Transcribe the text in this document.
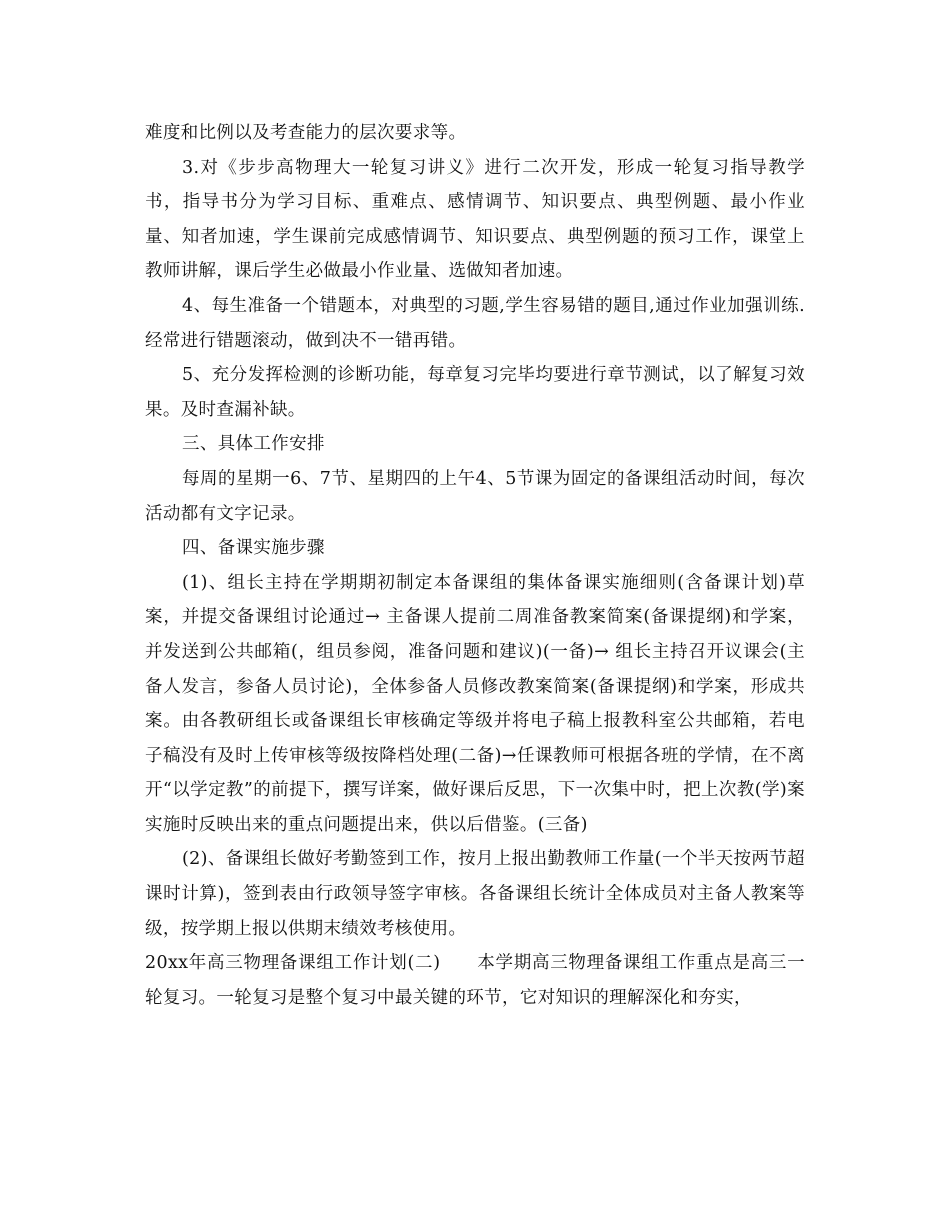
难度和比例以及考查能力的层次要求等。

3.对《步步高物理大一轮复习讲义》进行二次开发，形成一轮复习指导教学书，指导书分为学习目标、重难点、感情调节、知识要点、典型例题、最小作业量、知者加速，学生课前完成感情调节、知识要点、典型例题的预习工作，课堂上教师讲解，课后学生必做最小作业量、选做知者加速。

4、每生准备一个错题本，对典型的习题,学生容易错的题目,通过作业加强训练.经常进行错题滚动，做到决不一错再错。

5、充分发挥检测的诊断功能，每章复习完毕均要进行章节测试，以了解复习效果。及时查漏补缺。

三、具体工作安排

每周的星期一6、7节、星期四的上午4、5节课为固定的备课组活动时间，每次活动都有文字记录。

四、备课实施步骤

(1)、组长主持在学期期初制定本备课组的集体备课实施细则(含备课计划)草案，并提交备课组讨论通过→ 主备课人提前二周准备教案简案(备课提纲)和学案，并发送到公共邮箱(，组员参阅，准备问题和建议)(一备)→ 组长主持召开议课会(主备人发言，参备人员讨论)，全体参备人员修改教案简案(备课提纲)和学案，形成共案。由各教研组长或备课组长审核确定等级并将电子稿上报教科室公共邮箱，若电子稿没有及时上传审核等级按降档处理(二备)→任课教师可根据各班的学情，在不离开“以学定教”的前提下，撰写详案，做好课后反思，下一次集中时，把上次教(学)案实施时反映出来的重点问题提出来，供以后借鉴。(三备)

(2)、备课组长做好考勤签到工作，按月上报出勤教师工作量(一个半天按两节超课时计算)，签到表由行政领导签字审核。各备课组长统计全体成员对主备人教案等级，按学期上报以供期末绩效考核使用。

20xx年高三物理备课组工作计划(二)　　本学期高三物理备课组工作重点是高三一轮复习。一轮复习是整个复习中最关键的环节，它对知识的理解深化和夯实，
